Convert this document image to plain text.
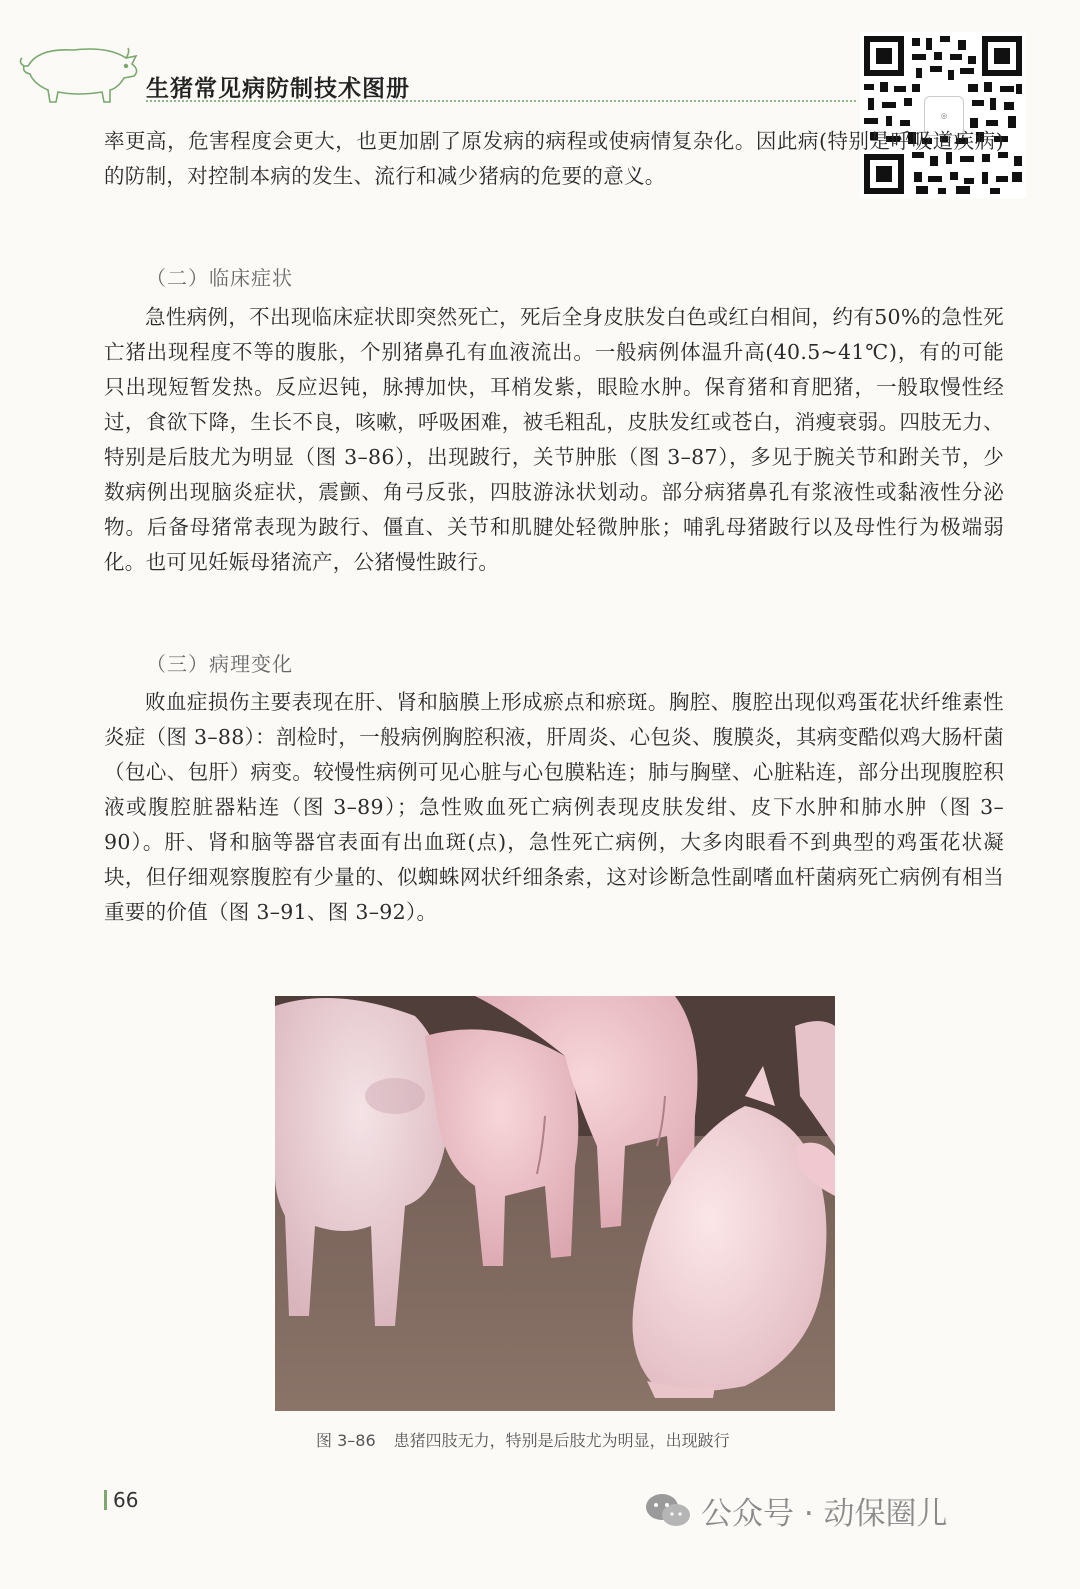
生猪常见病防制技术图册
◎

率更高，危害程度会更大，也更加剧了原发病的病程或使病情复杂化。因此病(特别是呼吸道疾病)的防制，对控制本病的发生、流行和减少猪病的危要的意义。

（二）临床症状

急性病例，不出现临床症状即突然死亡，死后全身皮肤发白色或红白相间，约有50%的急性死亡猪出现程度不等的腹胀，个别猪鼻孔有血液流出。一般病例体温升高(40.5~41℃)，有的可能只出现短暂发热。反应迟钝，脉搏加快，耳梢发紫，眼睑水肿。保育猪和育肥猪，一般取慢性经过，食欲下降，生长不良，咳嗽，呼吸困难，被毛粗乱，皮肤发红或苍白，消瘦衰弱。四肢无力、特别是后肢尤为明显（图 3–86），出现跛行，关节肿胀（图 3–87），多见于腕关节和跗关节，少数病例出现脑炎症状，震颤、角弓反张，四肢游泳状划动。部分病猪鼻孔有浆液性或黏液性分泌物。后备母猪常表现为跛行、僵直、关节和肌腱处轻微肿胀；哺乳母猪跛行以及母性行为极端弱化。也可见妊娠母猪流产，公猪慢性跛行。

（三）病理变化

败血症损伤主要表现在肝、肾和脑膜上形成瘀点和瘀斑。胸腔、腹腔出现似鸡蛋花状纤维素性炎症（图 3–88）：剖检时，一般病例胸腔积液，肝周炎、心包炎、腹膜炎，其病变酷似鸡大肠杆菌（包心、包肝）病变。较慢性病例可见心脏与心包膜粘连；肺与胸壁、心脏粘连，部分出现腹腔积液或腹腔脏器粘连（图 3–89）；急性败血死亡病例表现皮肤发绀、皮下水肿和肺水肿（图 3–90）。肝、肾和脑等器官表面有出血斑(点)，急性死亡病例，大多肉眼看不到典型的鸡蛋花状凝块，但仔细观察腹腔有少量的、似蜘蛛网状纤细条索，这对诊断急性副嗜血杆菌病死亡病例有相当重要的价值（图 3–91、图 3–92）。

图 3–86 患猪四肢无力，特别是后肢尤为明显，出现跛行
66	公众号 · 动保圈儿
